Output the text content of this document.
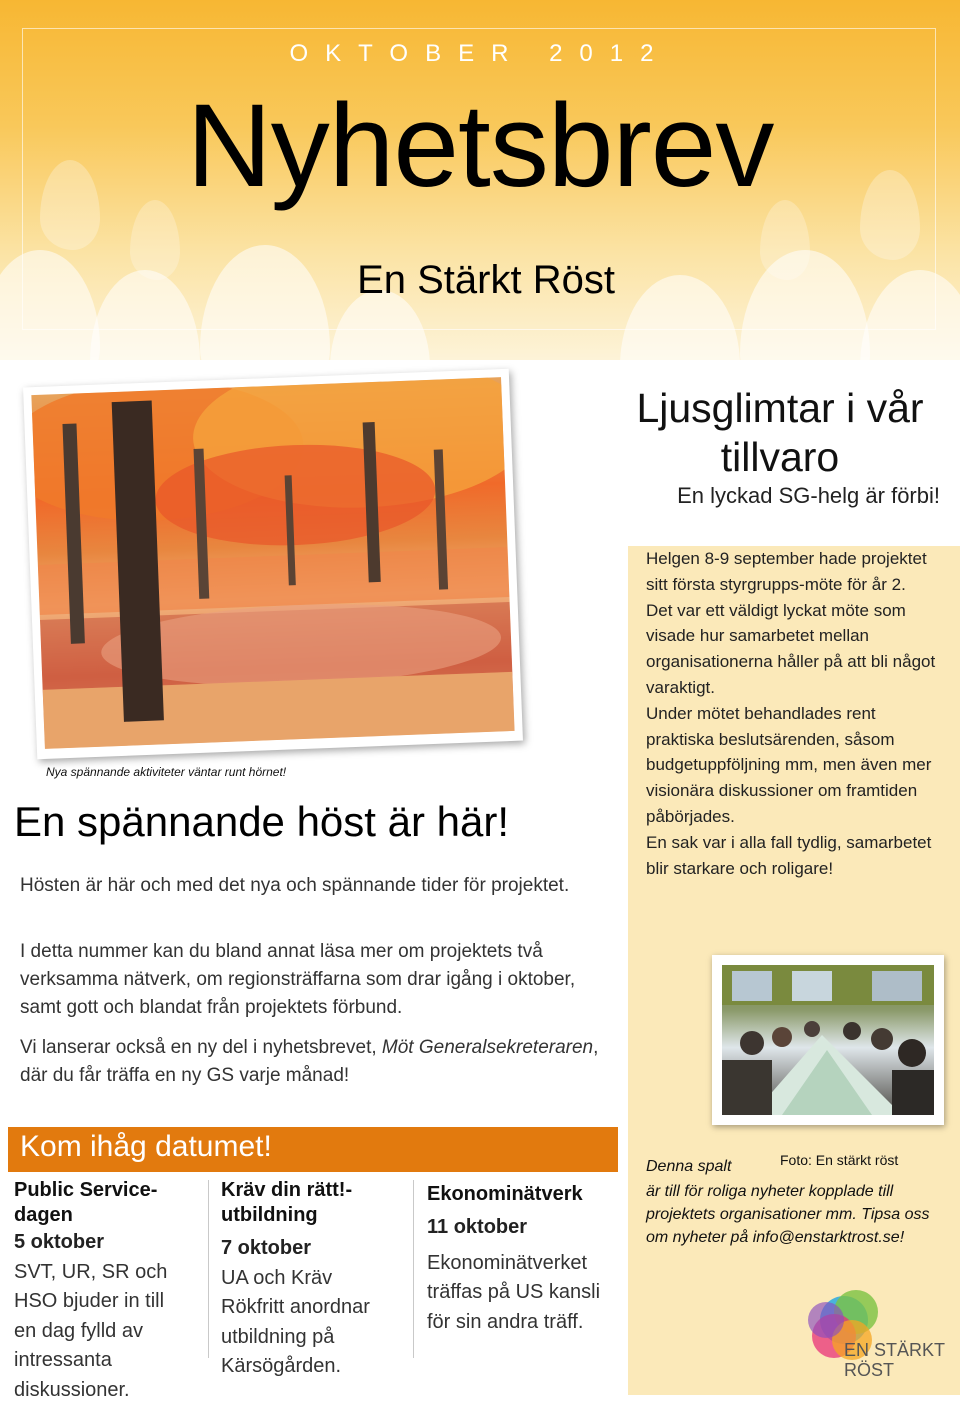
OKTOBER 2012
Nyhetsbrev
En Stärkt Röst
Nya spännande aktiviteter väntar runt hörnet!
En spännande höst är här!
Hösten är här och med det nya och spännande tider för projektet.
I detta nummer kan du bland annat läsa mer om projektets två verksamma nätverk, om regionsträffarna som drar igång i oktober, samt gott och blandat från projektets förbund.
Vi lanserar också en ny del i nyhetsbrevet, Möt Generalsekreteraren, där du får träffa en ny GS varje månad!
Ljusglimtar i vår tillvaro
En lyckad SG-helg är förbi!
Helgen 8-9 september hade projektet sitt första styrgrupps-möte för år 2.
Det var ett väldigt lyckat möte som visade hur samarbetet mellan organisationerna håller på att bli något varaktigt.
Under mötet behandlades rent praktiska beslutsärenden, såsom budgetuppföljning mm, men även mer visionära diskussioner om framtiden påbörjades.
En sak var i alla fall tydlig, samarbetet blir starkare och roligare!
Foto: En stärkt röst
Denna spalt
är till för roliga nyheter kopplade till projektets organisationer mm. Tipsa oss om nyheter på info@enstarktrost.se!
EN STÄRKT
RÖST
Kom ihåg datumet!
Public Service-dagen
5 oktober
SVT, UR, SR och HSO bjuder in till en dag fylld av intressanta diskussioner.
Kräv din rätt!-utbildning
7 oktober
UA och Kräv Rökfritt anordnar utbildning på Kärsögården.
Ekonominätverk
11 oktober
Ekonominätverket träffas på US kansli för sin andra träff.
